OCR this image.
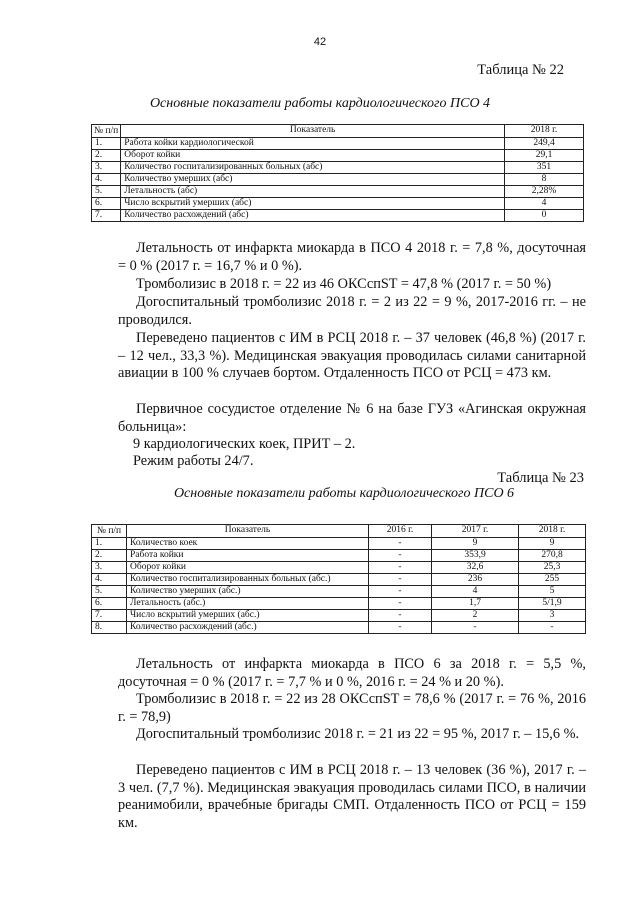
42
Таблица № 22
Основные показатели работы кардиологического ПСО 4
№ п/п	Показатель	2018 г.
1.	Работа койки кардиологической	249,4
2.	Оборот койки	29,1
3.	Количество госпитализированных больных (абс)	351
4.	Количество умерших (абс)	8
5.	Летальность (абс)	2,28%
6.	Число вскрытий умерших (абс)	4
7.	Количество расхождений (абс)	0
Летальность от инфаркта миокарда в ПСО 4 2018 г. = 7,8 %, досуточная = 0 % (2017 г. = 16,7 % и 0 %).
Тромболизис в 2018 г. = 22 из 46 ОКСспST = 47,8 % (2017 г. = 50 %)
Догоспитальный тромболизис 2018 г. = 2 из 22 = 9 %, 2017-2016 гг. – не проводился.
Переведено пациентов с ИМ в РСЦ 2018 г. – 37 человек (46,8 %) (2017 г. – 12 чел., 33,3 %). Медицинская эвакуация проводилась силами санитарной авиации в 100 % случаев бортом. Отдаленность ПСО от РСЦ = 473 км.
Первичное сосудистое отделение № 6 на базе ГУЗ «Агинская окружная больница»:
9 кардиологических коек, ПРИТ – 2.
Режим работы 24/7.
Таблица № 23
Основные показатели работы кардиологического ПСО 6
№ п/п	Показатель	2016 г.	2017 г.	2018 г.
1.	Количество коек	-	9	9
2.	Работа койки	-	353,9	270,8
3.	Оборот койки	-	32,6	25,3
4.	Количество госпитализированных больных (абс.)	-	236	255
5.	Количество умерших (абс.)	-	4	5
6.	Летальность (абс.)	-	1,7	5/1,9
7.	Число вскрытий умерших (абс.)	-	2	3
8.	Количество расхождений (абс.)	-	-	-
Летальность от инфаркта миокарда в ПСО 6 за 2018 г. = 5,5 %, досуточная = 0 % (2017 г. = 7,7 % и 0 %, 2016 г. = 24 % и 20 %).
Тромболизис в 2018 г. = 22 из 28 ОКСспST = 78,6 % (2017 г. = 76 %, 2016 г. = 78,9)
Догоспитальный тромболизис 2018 г. = 21 из 22 = 95 %, 2017 г. – 15,6 %.
Переведено пациентов с ИМ в РСЦ 2018 г. – 13 человек (36 %), 2017 г. – 3 чел. (7,7 %). Медицинская эвакуация проводилась силами ПСО, в наличии реанимобили, врачебные бригады СМП. Отдаленность ПСО от РСЦ = 159 км.
